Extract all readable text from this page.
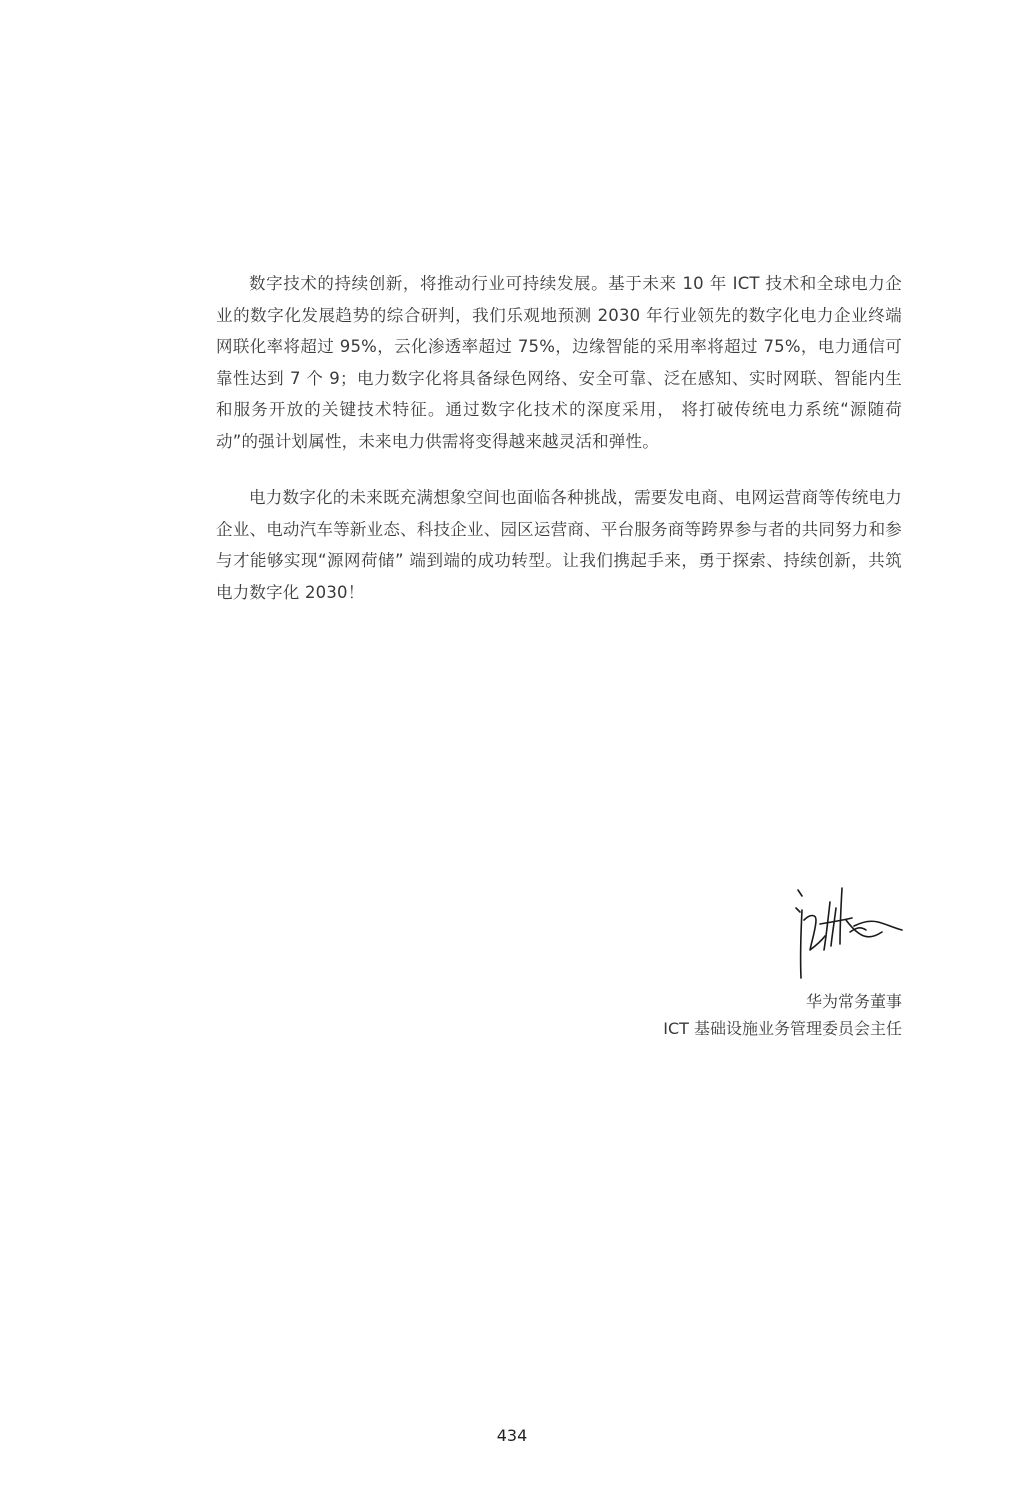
数字技术的持续创新，将推动行业可持续发展。基于未来 10 年 ICT 技术和全球电力企业的数字化发展趋势的综合研判，我们乐观地预测 2030 年行业领先的数字化电力企业终端网联化率将超过 95%，云化渗透率超过 75%，边缘智能的采用率将超过 75%，电力通信可靠性达到 7 个 9；电力数字化将具备绿色网络、安全可靠、泛在感知、实时网联、智能内生和服务开放的关键技术特征。通过数字化技术的深度采用， 将打破传统电力系统“源随荷动”的强计划属性，未来电力供需将变得越来越灵活和弹性。

电力数字化的未来既充满想象空间也面临各种挑战，需要发电商、电网运营商等传统电力企业、电动汽车等新业态、科技企业、园区运营商、平台服务商等跨界参与者的共同努力和参与才能够实现“源网荷储” 端到端的成功转型。让我们携起手来，勇于探索、持续创新，共筑电力数字化 2030！

华为常务董事
ICT 基础设施业务管理委员会主任
434
